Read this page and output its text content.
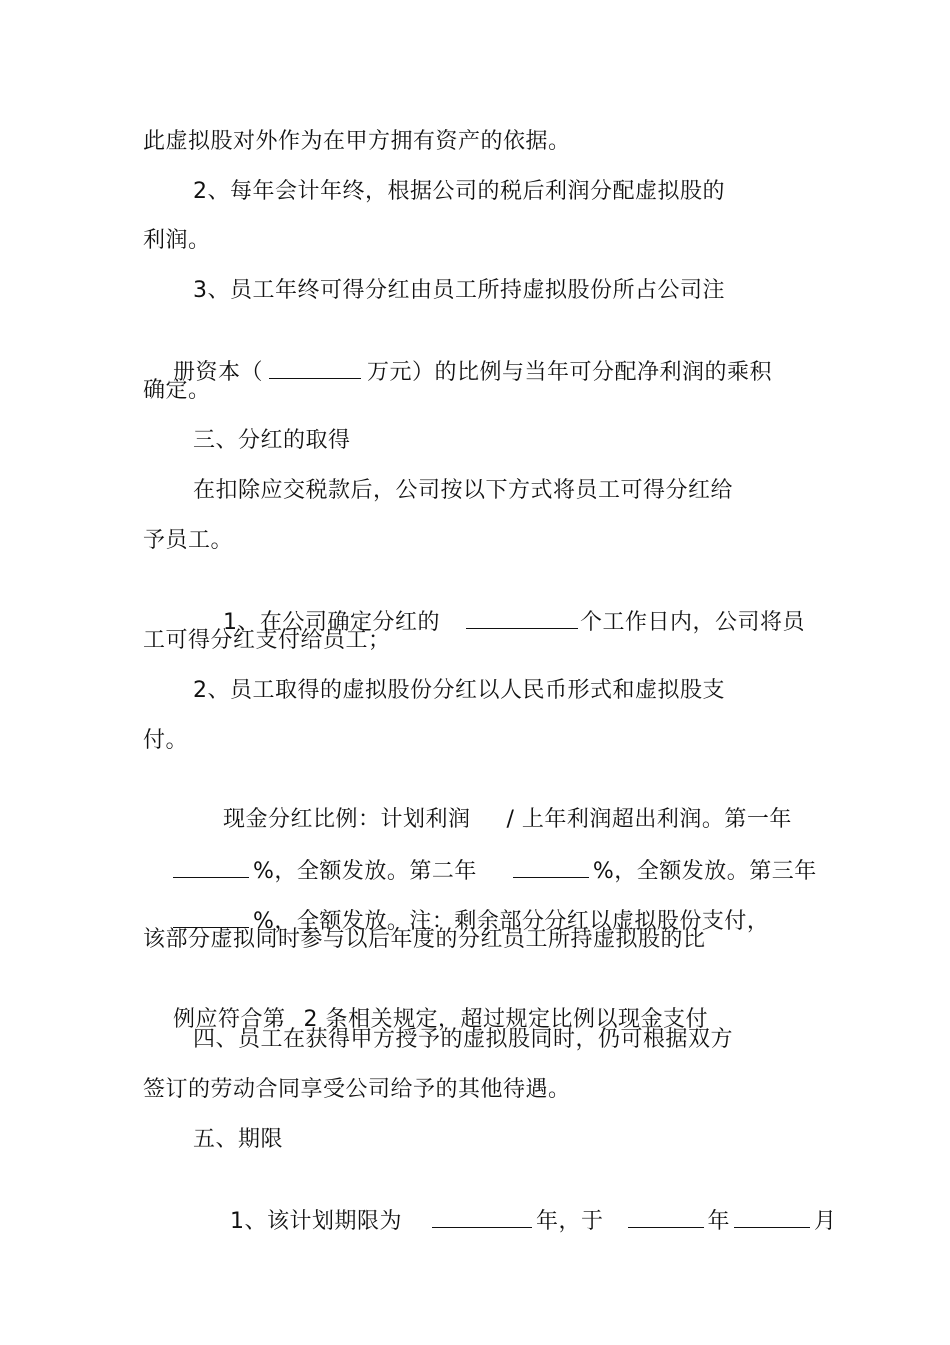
此虚拟股对外作为在甲方拥有资产的依据。
2、每年会计年终，根据公司的税后利润分配虚拟股的
利润。
3、员工年终可得分红由员工所持虚拟股份所占公司注

册资本（	万元）的比例与当年可分配净利润的乘积

确定。
三、分红的取得
在扣除应交税款后，公司按以下方式将员工可得分红给
予员工。

1、在公司确定分红的	个工作日内，公司将员

工可得分红支付给员工；
2、员工取得的虚拟股份分红以人民币形式和虚拟股支
付。

现金分红比例：计划利润 / 上年利润超出利润。第一年

%，全额发放。第二年	%，全额发放。第三年

%，全额发放。注：剩余部分分红以虚拟股份支付，

该部分虚拟同时参与以后年度的分红员工所持虚拟股的比

例应符合第 2 条相关规定，超过规定比例以现金支付

四、员工在获得甲方授予的虚拟股同时，仍可根据双方
签订的劳动合同享受公司给予的其他待遇。
五、期限

1、该计划期限为	年，于	年	月
